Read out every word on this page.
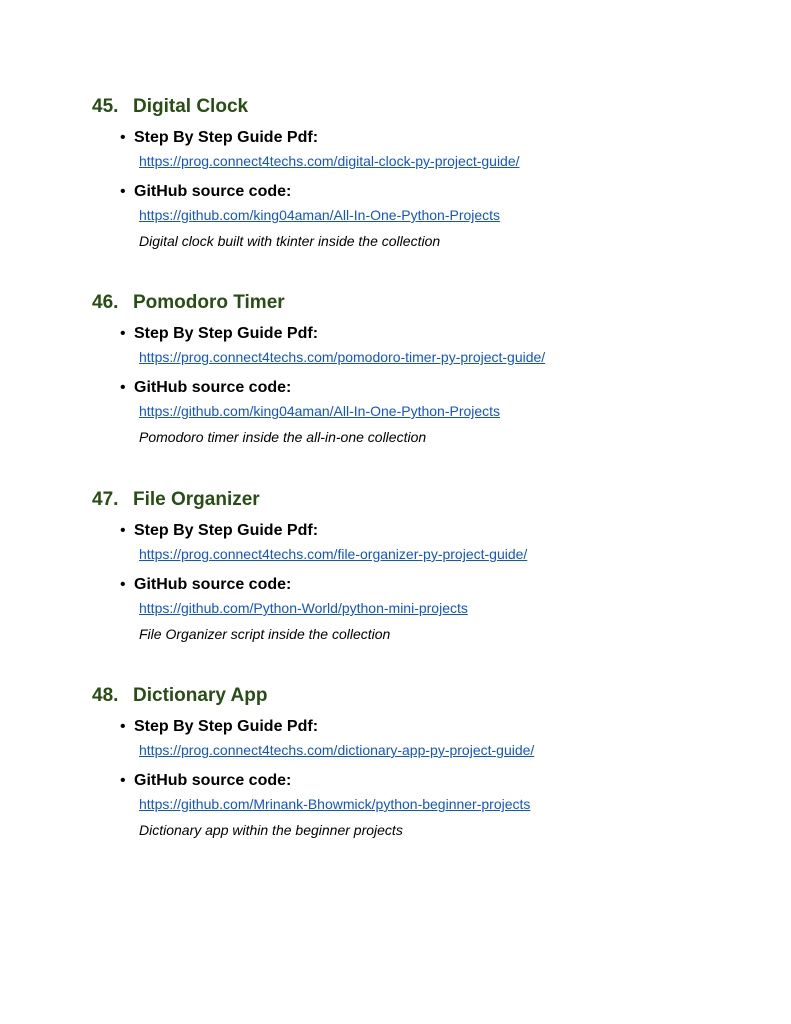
45. Digital Clock
• Step By Step Guide Pdf:
https://prog.connect4techs.com/digital-clock-py-project-guide/
• GitHub source code:
https://github.com/king04aman/All-In-One-Python-Projects
Digital clock built with tkinter inside the collection
46. Pomodoro Timer
• Step By Step Guide Pdf:
https://prog.connect4techs.com/pomodoro-timer-py-project-guide/
• GitHub source code:
https://github.com/king04aman/All-In-One-Python-Projects
Pomodoro timer inside the all-in-one collection
47. File Organizer
• Step By Step Guide Pdf:
https://prog.connect4techs.com/file-organizer-py-project-guide/
• GitHub source code:
https://github.com/Python-World/python-mini-projects
File Organizer script inside the collection
48. Dictionary App
• Step By Step Guide Pdf:
https://prog.connect4techs.com/dictionary-app-py-project-guide/
• GitHub source code:
https://github.com/Mrinank-Bhowmick/python-beginner-projects
Dictionary app within the beginner projects
